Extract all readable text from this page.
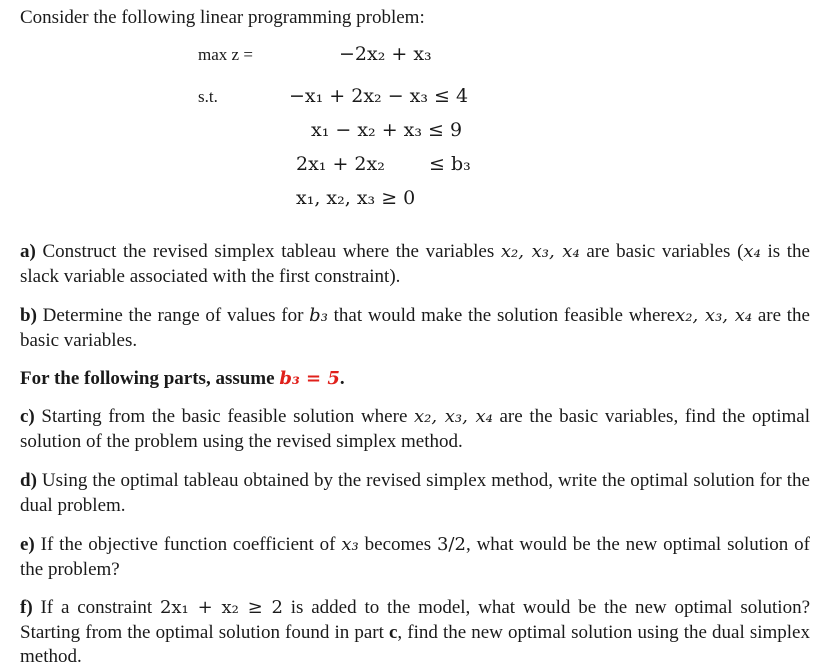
Consider the following linear programming problem:
max z =	−2x₂ + x₃
s.t.	−x₁ + 2x₂ − x₃ ≤ 4
x₁ − x₂ + x₃ ≤ 9
2x₁ + 2x₂ ≤ b₃
x₁, x₂, x₃ ≥ 0
a) Construct the revised simplex tableau where the variables x₂, x₃, x₄ are basic variables (x₄ is the slack variable associated with the first constraint).
b) Determine the range of values for b₃ that would make the solution feasible wherex₂, x₃, x₄ are the basic variables.
For the following parts, assume b₃ = 5.
c) Starting from the basic feasible solution where x₂, x₃, x₄ are the basic variables, find the optimal solution of the problem using the revised simplex method.
d) Using the optimal tableau obtained by the revised simplex method, write the optimal solution for the dual problem.
e) If the objective function coefficient of x₃ becomes 3/2, what would be the new optimal solution of the problem?
f) If a constraint 2x₁ + x₂ ≥ 2 is added to the model, what would be the new optimal solution? Starting from the optimal solution found in part c, find the new optimal solution using the dual simplex method.
